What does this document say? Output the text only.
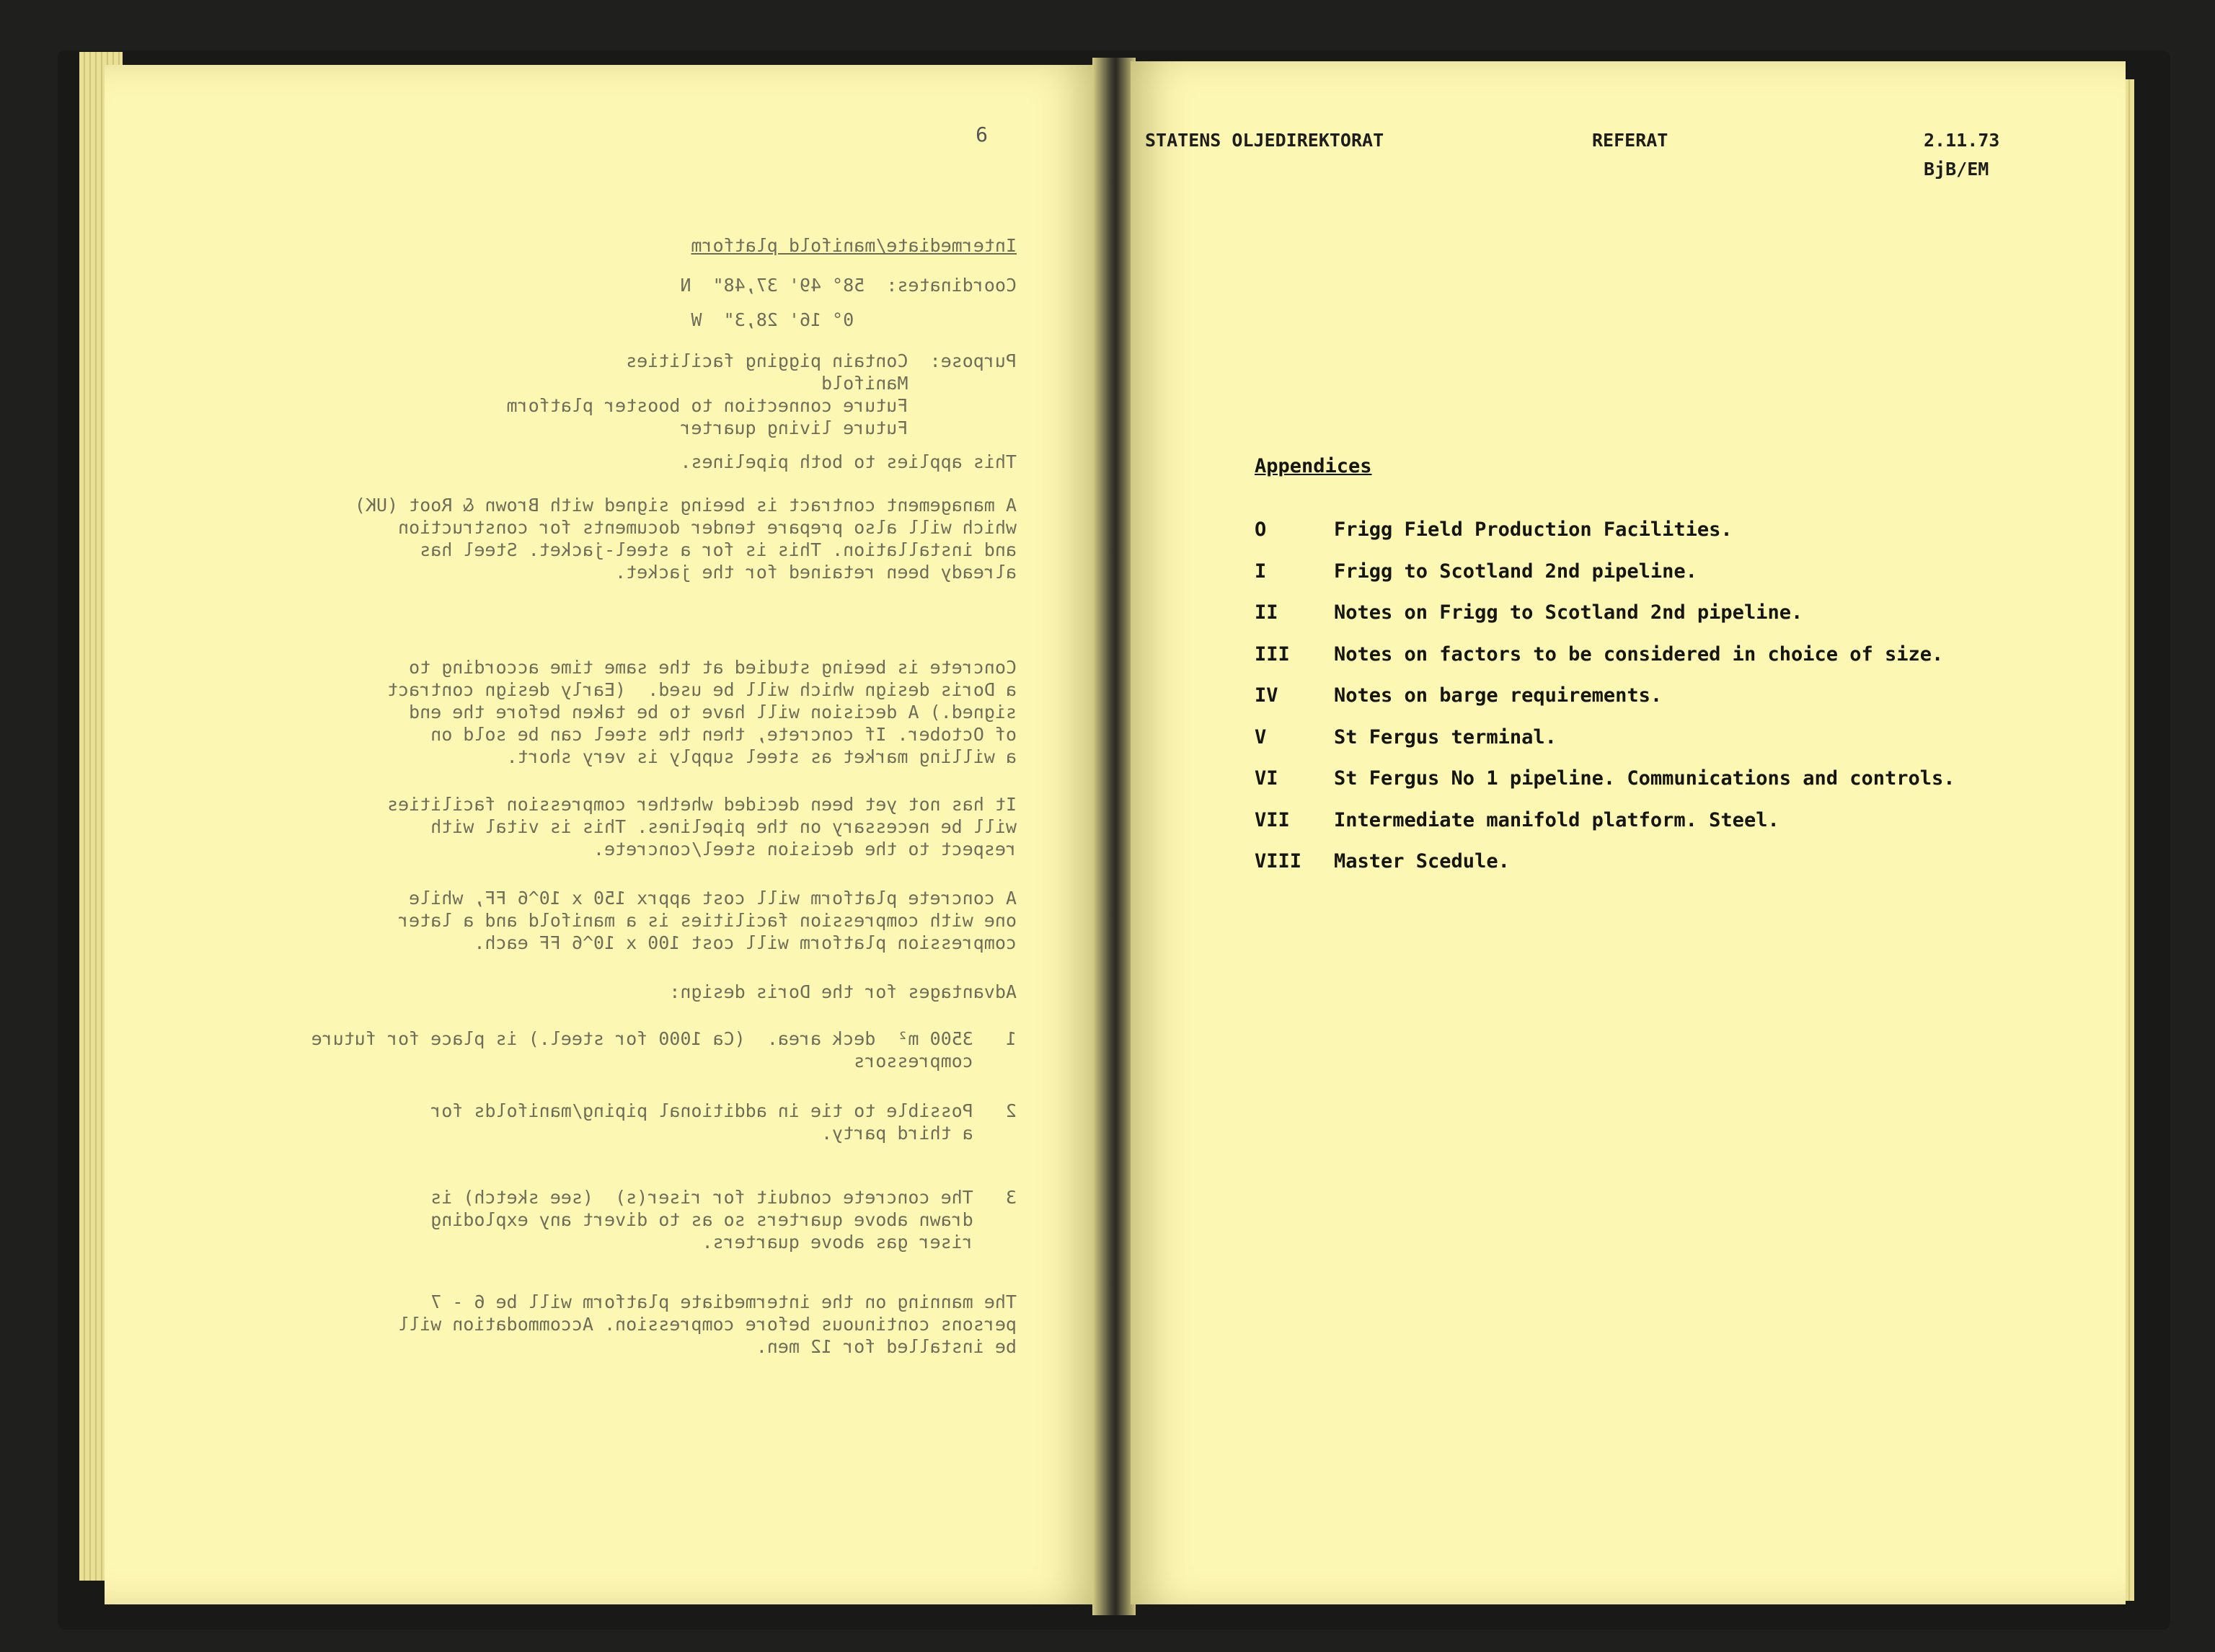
Intermediate/manifold platform
Coordinates:  58° 49' 37,48"  N
0° 16' 28,3"  W
Purpose:  Contain pigging facilities
Manifold
Future connection to booster platform
Future living quarter
This applies to both pipelines.
A management contract is beeing signed with Brown & Root (UK)
which will also prepare tender documents for construction
and installation. This is for a steel-jacket. Steel has
already been retained for the jacket.
Concrete is beeing studied at the same time according to
a Doris design which will be used.  (Early design contract
signed.) A decision will have to be taken before the end
of October. If concrete, then the steel can be sold on
a willing market as steel supply is very short.
It has not yet been decided whether compression facilities
will be necessary on the pipelines. This is vital with
respect to the decision steel/concrete.
A concrete platform will cost apprx 150 x 10^6 FF, while
one with compression facilities is a manifold and a later
compression platform will cost 100 x 10^6 FF each.
Advantages for the Doris design:
1   3500 m²  deck area.  (Ca 1000 for steel.) is place for future
compressors
2   Possible to tie in additional piping/manifolds for
a third party.
3   The concrete conduit for riser(s)  (see sketch) is
drawn above quarters so as to divert any exploding
riser gas above quarters.
The manning on the intermediate platform will be 6 - 7
persons continuous before compression. Accommodation will
be installed for 12 men.
6	STATENS OLJEDIREKTORAT	REFERAT	2.11.73
BjB/EM
Appendices
O	Frigg Field Production Facilities.
I	Frigg to Scotland 2nd pipeline.
II	Notes on Frigg to Scotland 2nd pipeline.
III	Notes on factors to be considered in choice of size.
IV	Notes on barge requirements.
V	St Fergus terminal.
VI	St Fergus No 1 pipeline. Communications and controls.
VII	Intermediate manifold platform. Steel.
VIII	Master Scedule.
